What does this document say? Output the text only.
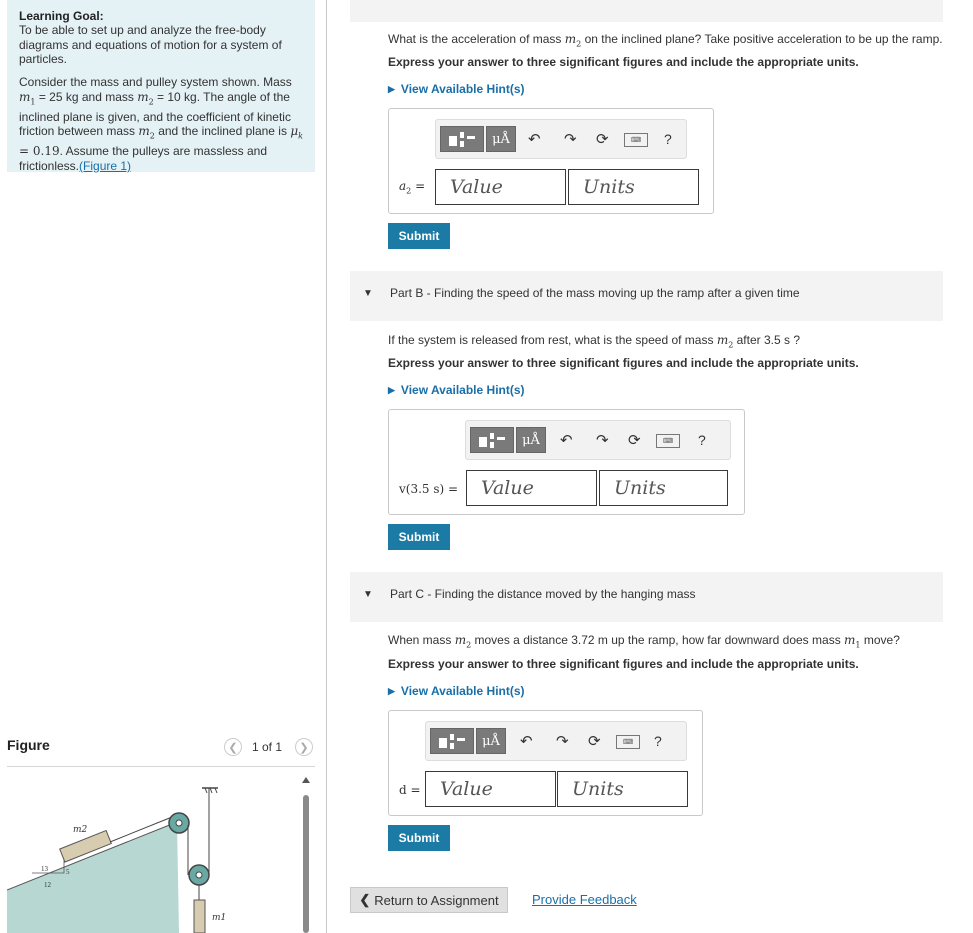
Learning Goal:
To be able to set up and analyze the free-body diagrams and equations of motion for a system of particles.
Consider the mass and pulley system shown. Mass $m_1 = 25$ kg and mass $m_2 = 10$ kg. The angle of the inclined plane is given, and the coefficient of kinetic friction between mass $m_2$ and the inclined plane is $\mu_k = 0.19$. Assume the pulleys are massless and frictionless.(Figure 1)
Figure	❮ 1 of 1 ❯
13
12
5
m2
m1
What is the acceleration of mass $m_2$ on the inclined plane? Take positive acceleration to be up the ramp.
Express your answer to three significant figures and include the appropriate units.
▶ View Available Hint(s)
μÅ	↶ ↷ ⟳	⌨	?
$a_2$ =	Value	Units
Submit
▼ Part B - Finding the speed of the mass moving up the ramp after a given time
If the system is released from rest, what is the speed of mass $m_2$ after 3.5 s ?
Express your answer to three significant figures and include the appropriate units.
▶ View Available Hint(s)
μÅ	↶ ↷ ⟳	⌨	?
v(3.5 s) =	Value	Units
Submit
▼ Part C - Finding the distance moved by the hanging mass
When mass $m_2$ moves a distance 3.72 m up the ramp, how far downward does mass $m_1$ move?
Express your answer to three significant figures and include the appropriate units.
▶ View Available Hint(s)
μÅ	↶ ↷ ⟳	⌨	?
d =	Value	Units
Submit
❮ Return to Assignment	Provide Feedback
